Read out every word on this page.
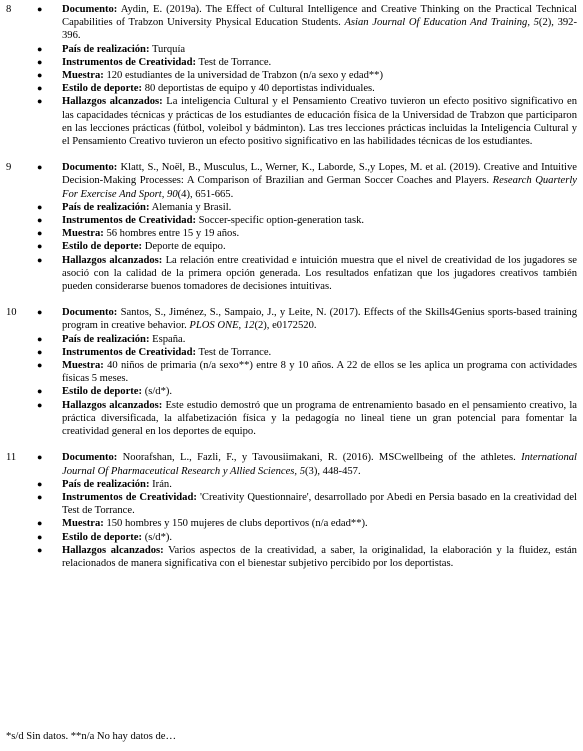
8	● Documento: Aydin, E. (2019a). The Effect of Cultural Intelligence and Creative Thinking on the Practical Technical Capabilities of Trabzon University Physical Education Students. Asian Journal Of Education And Training, 5(2), 392-396.
● País de realización: Turquía
● Instrumentos de Creatividad: Test de Torrance.
● Muestra: 120 estudiantes de la universidad de Trabzon (n/a sexo y edad**)
● Estilo de deporte: 80 deportistas de equipo y 40 deportistas individuales.
● Hallazgos alcanzados: La inteligencia Cultural y el Pensamiento Creativo tuvieron un efecto positivo significativo en las capacidades técnicas y prácticas de los estudiantes de educación física de la Universidad de Trabzon que participaron en las lecciones prácticas (fútbol, voleibol y bádminton). Las tres lecciones prácticas incluidas la Inteligencia Cultural y el Pensamiento Creativo tuvieron un efecto positivo significativo en las habilidades técnicas de los estudiantes.
9	● Documento: Klatt, S., Noël, B., Musculus, L., Werner, K., Laborde, S.,y Lopes, M. et al. (2019). Creative and Intuitive Decision-Making Processes: A Comparison of Brazilian and German Soccer Coaches and Players. Research Quarterly For Exercise And Sport, 90(4), 651-665.
● País de realización: Alemania y Brasil.
● Instrumentos de Creatividad: Soccer-specific option-generation task.
● Muestra: 56 hombres entre 15 y 19 años.
● Estilo de deporte: Deporte de equipo.
● Hallazgos alcanzados: La relación entre creatividad e intuición muestra que el nivel de creatividad de los jugadores se asoció con la calidad de la primera opción generada. Los resultados enfatizan que los jugadores creativos también pueden considerarse buenos tomadores de decisiones intuitivas.
10	● Documento: Santos, S., Jiménez, S., Sampaio, J., y Leite, N. (2017). Effects of the Skills4Genius sports-based training program in creative behavior. PLOS ONE, 12(2), e0172520.
● País de realización: España.
● Instrumentos de Creatividad: Test de Torrance.
● Muestra: 40 niños de primaria (n/a sexo**) entre 8 y 10 años. A 22 de ellos se les aplica un programa con actividades físicas 5 meses.
● Estilo de deporte: (s/d*).
● Hallazgos alcanzados: Este estudio demostró que un programa de entrenamiento basado en el pensamiento creativo, la práctica diversificada, la alfabetización física y la pedagogía no lineal tiene un gran potencial para fomentar la creatividad general en los deportes de equipo.
11	● Documento: Noorafshan, L., Fazli, F., y Tavousiimakani, R. (2016). MSCwellbeing of the athletes. International Journal Of Pharmaceutical Research y Allied Sciences, 5(3), 448-457.
● País de realización: Irán.
● Instrumentos de Creatividad: 'Creativity Questionnaire', desarrollado por Abedi en Persia basado en la creatividad del Test de Torrance.
● Muestra: 150 hombres y 150 mujeres de clubs deportivos (n/a edad**).
● Estilo de deporte: (s/d*).
● Hallazgos alcanzados: Varios aspectos de la creatividad, a saber, la originalidad, la elaboración y la fluidez, están relacionados de manera significativa con el bienestar subjetivo percibido por los deportistas.
*s/d Sin datos. **n/a No hay datos de…
